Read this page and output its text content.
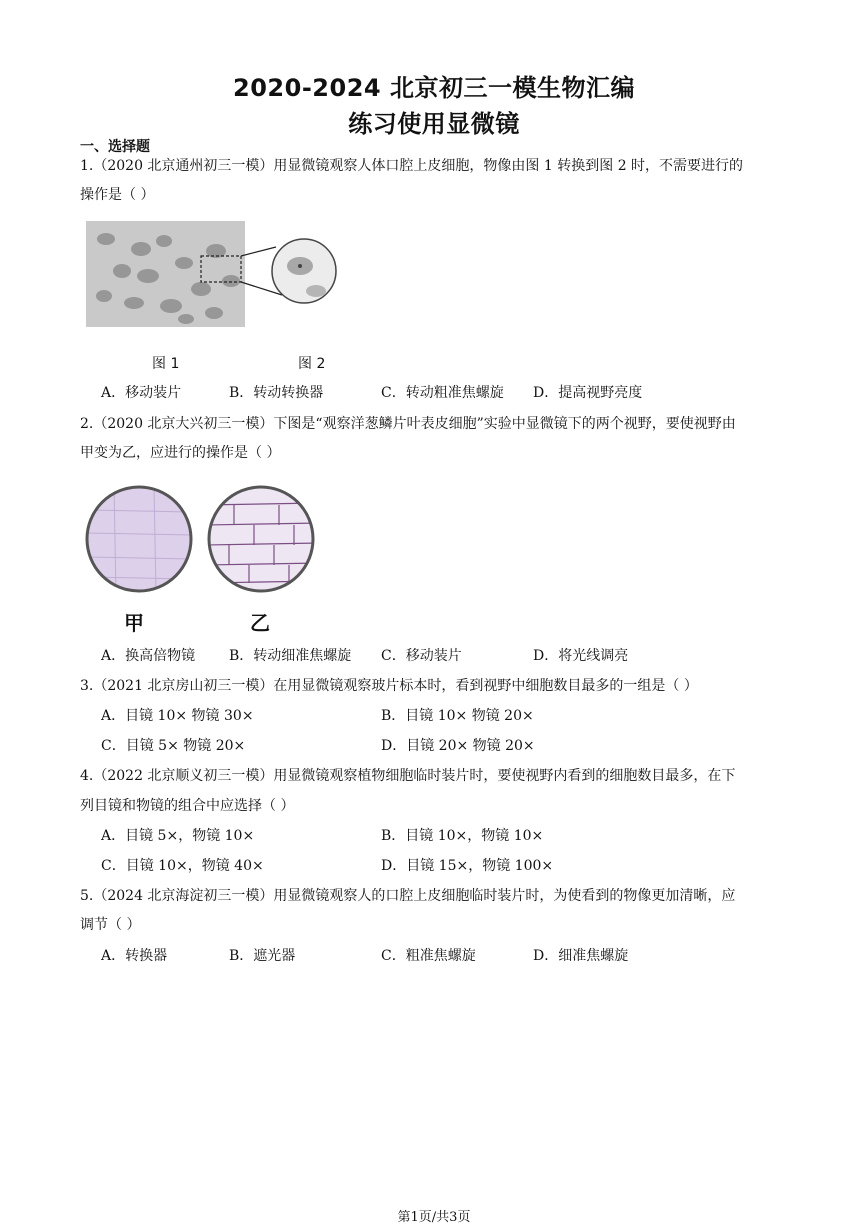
2020-2024 北京初三一模生物汇编
练习使用显微镜
一、选择题
1.（2020 北京通州初三一模）用显微镜观察人体口腔上皮细胞，物像由图 1 转换到图 2 时，不需要进行的
操作是（ ）
图 1	图 2
A．移动装片	B．转动转换器	C．转动粗准焦螺旋 D．提高视野亮度
2.（2020 北京大兴初三一模）下图是“观察洋葱鳞片叶表皮细胞”实验中显微镜下的两个视野，要使视野由
甲变为乙，应进行的操作是（ ）
甲	乙
A．换高倍物镜 B．转动细准焦螺旋 C．移动装片	D．将光线调亮
3.（2021 北京房山初三一模）在用显微镜观察玻片标本时，看到视野中细胞数目最多的一组是（ ）
A．目镜 10× 物镜 30×	B．目镜 10× 物镜 20×
C．目镜 5× 物镜 20×	D．目镜 20× 物镜 20×
4.（2022 北京顺义初三一模）用显微镜观察植物细胞临时装片时，要使视野内看到的细胞数目最多，在下
列目镜和物镜的组合中应选择（ ）
A．目镜 5×，物镜 10×	B．目镜 10×，物镜 10×
C．目镜 10×，物镜 40×	D．目镜 15×，物镜 100×
5.（2024 北京海淀初三一模）用显微镜观察人的口腔上皮细胞临时装片时，为使看到的物像更加清晰，应
调节（ ）
A．转换器	B．遮光器	C．粗准焦螺旋	D．细准焦螺旋
第1页/共3页
